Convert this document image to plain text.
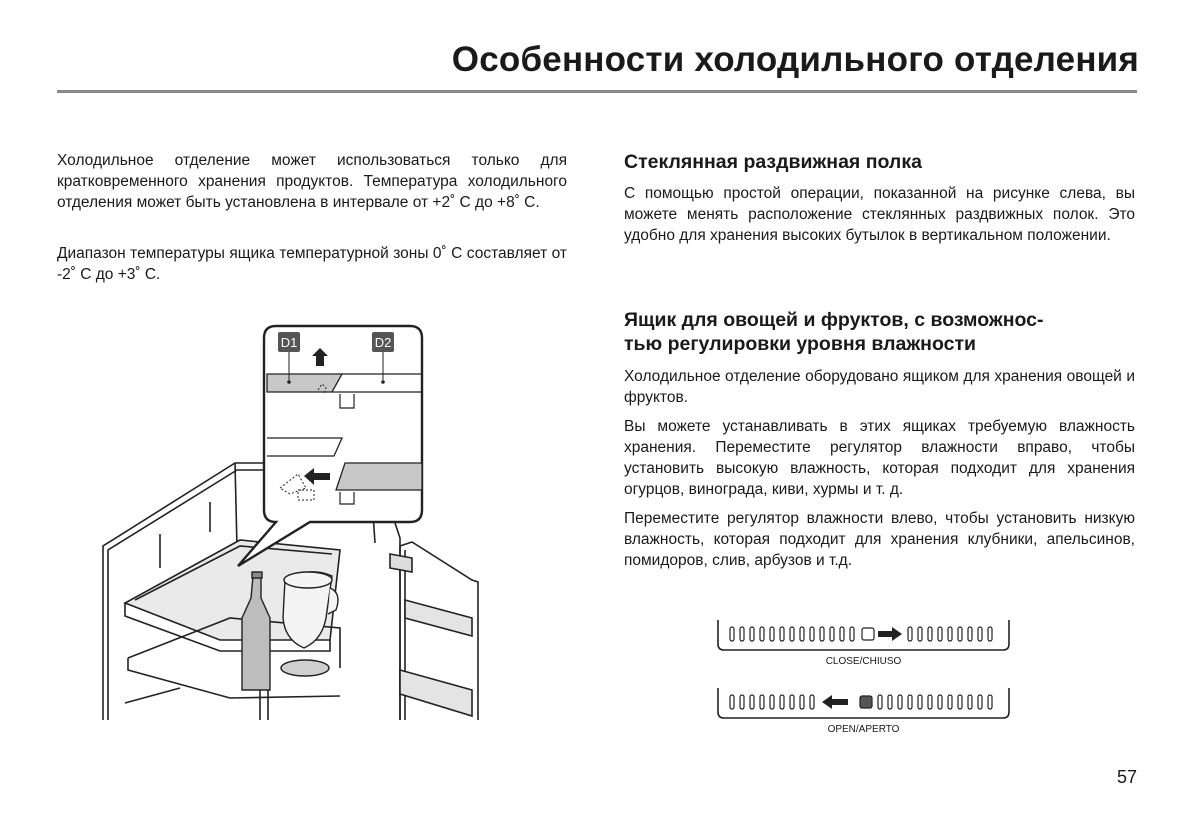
Особенности холодильного отделения

Холодильное отделение может использоваться только для кратковременного хранения продуктов. Температура холодильного отделения может быть установлена в интервале от +2˚ С до +8˚ С.

Диапазон температуры ящика температурной зоны 0˚ С составляет от -2˚ С до +3˚ С.

D1	D2
Стеклянная раздвижная полка

С помощью простой операции, показанной на рисунке слева, вы можете менять расположение стеклянных раздвижных полок. Это удобно для хранения высоких бутылок в вертикальном положении.

Ящик для овощей и фруктов, с возможнос-
тью регулировки уровня влажности

Холодильное отделение оборудовано ящиком для хранения овощей и фруктов.

Вы можете устанавливать в этих ящиках требуемую влажность хранения. Переместите регулятор влажности вправо, чтобы установить высокую влажность, которая подходит для хранения огурцов, винограда, киви, хурмы и т. д.

Переместите регулятор влажности влево, чтобы установить низкую влажность, которая подходит для хранения клубники, апельсинов, помидоров, слив, арбузов и т.д.

CLOSE/CHIUSO
OPEN/APERTO
57
